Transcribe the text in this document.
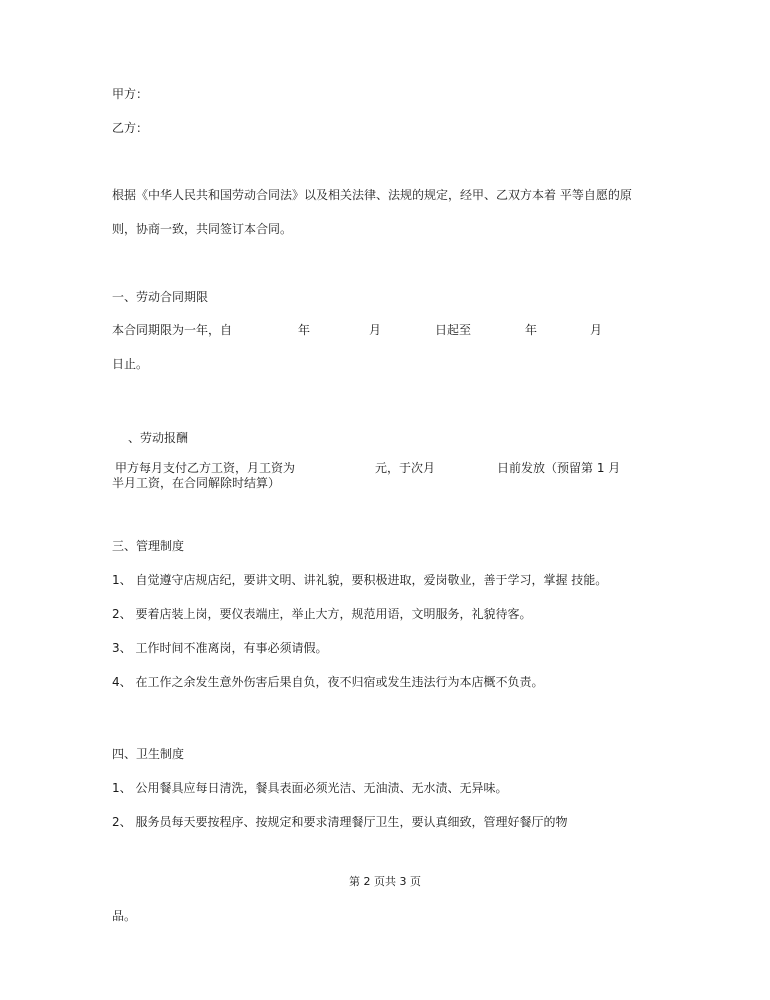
甲方：

乙方：

根据《中华人民共和国劳动合同法》以及相关法律、法规的规定，经甲、乙双方本着 平等自愿的原

则，协商一致，共同签订本合同。

一、劳动合同期限

本合同期限为一年，自	年	月	日起至	年	月

日止。

、劳动报酬

甲方每月支付乙方工资，月工资为	元，于次月	日前发放（预留第 1 月

半月工资，在合同解除时结算）

三、管理制度

1、 自觉遵守店规店纪，要讲文明、讲礼貌，要积极进取，爱岗敬业，善于学习，掌握 技能。

2、 要着店装上岗，要仪表端庄，举止大方，规范用语，文明服务，礼貌待客。

3、 工作时间不准离岗，有事必须请假。

4、 在工作之余发生意外伤害后果自负，夜不归宿或发生违法行为本店概不负责。

四、卫生制度

1、 公用餐具应每日清洗，餐具表面必须光洁、无油渍、无水渍、无异味。

2、 服务员每天要按程序、按规定和要求清理餐厅卫生，要认真细致，管理好餐厅的物

第 2 页共 3 页

品。
